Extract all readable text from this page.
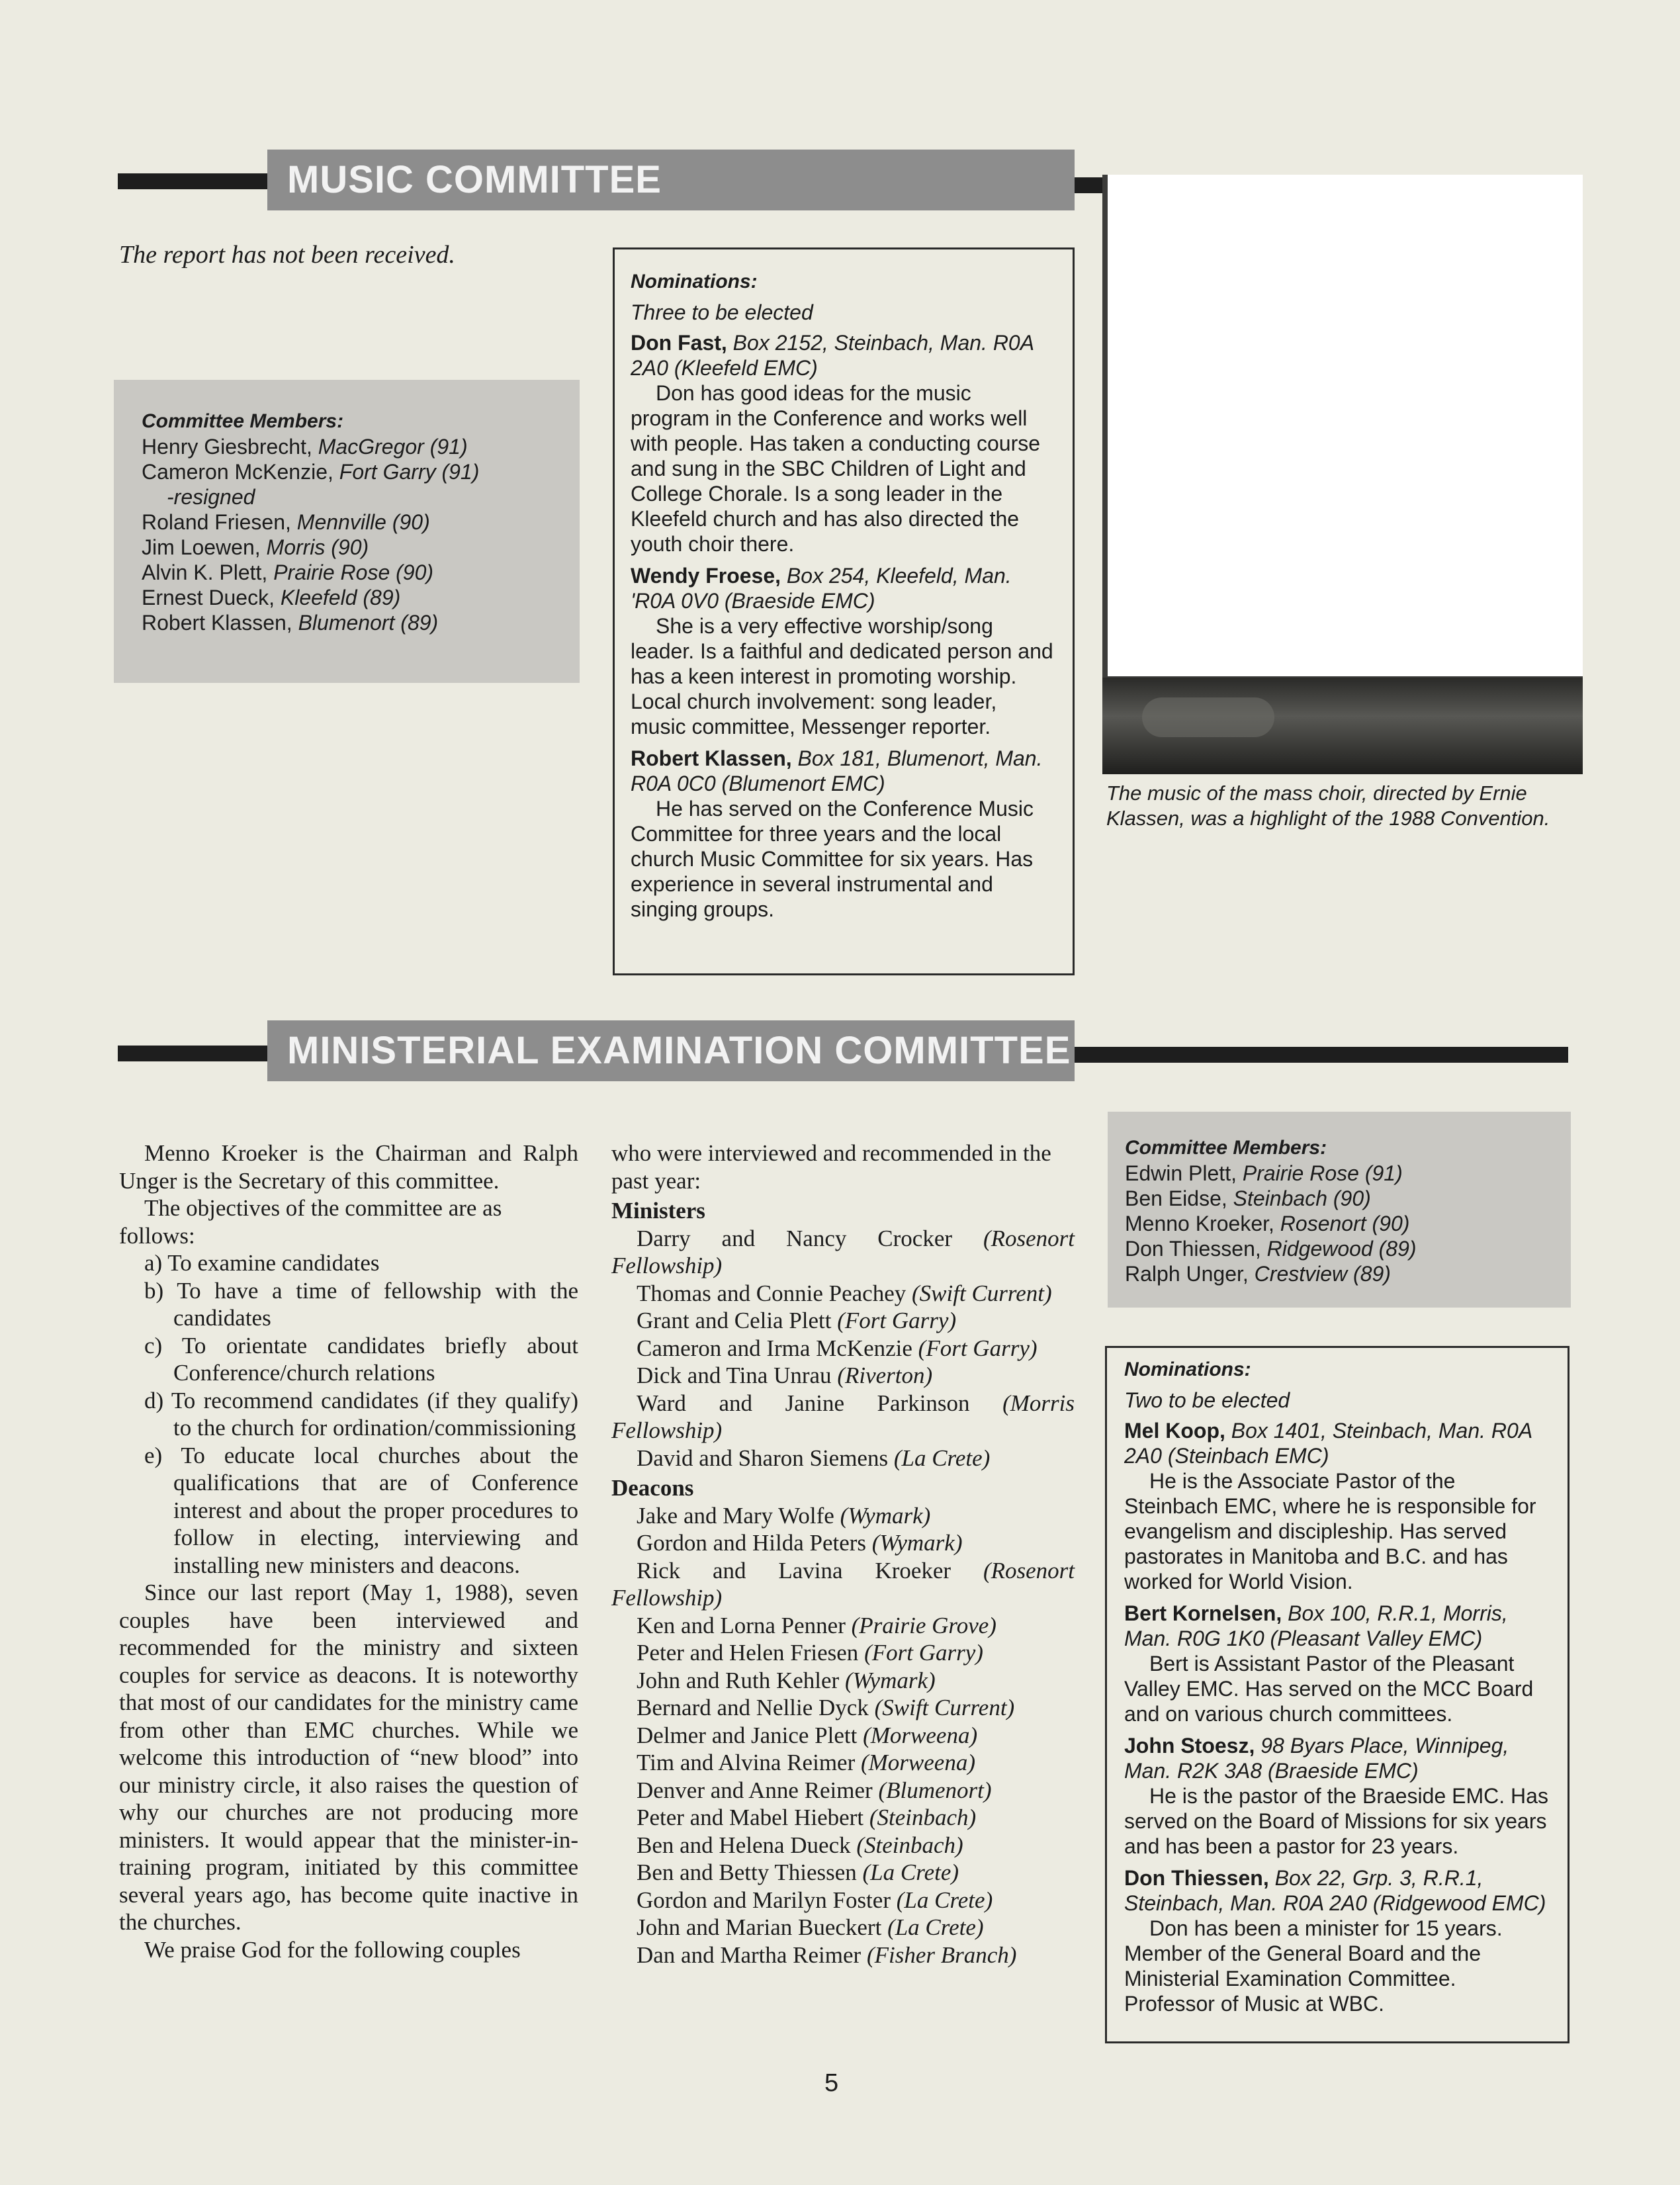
MUSIC COMMITTEE
The report has not been received.
Committee Members:
Henry Giesbrecht, MacGregor (91)
Cameron McKenzie, Fort Garry (91)
-resigned
Roland Friesen, Mennville (90)
Jim Loewen, Morris (90)
Alvin K. Plett, Prairie Rose (90)
Ernest Dueck, Kleefeld (89)
Robert Klassen, Blumenort (89)
Nominations:
Three to be elected

Don Fast, Box 2152, Steinbach, Man. R0A 2A0 (Kleefeld EMC)

Don has good ideas for the music program in the Conference and works well with people. Has taken a conducting course and sung in the SBC Children of Light and College Chorale. Is a song leader in the Kleefeld church and has also directed the youth choir there.

Wendy Froese, Box 254, Kleefeld, Man. 'R0A 0V0 (Braeside EMC)

She is a very effective worship/song leader. Is a faithful and dedicated person and has a keen interest in promoting worship. Local church involvement: song leader, music committee, Messenger reporter.

Robert Klassen, Box 181, Blumenort, Man. R0A 0C0 (Blumenort EMC)

He has served on the Conference Music Committee for three years and the local church Music Committee for six years. Has experience in several instrumental and singing groups.

The music of the mass choir, directed by Ernie Klassen, was a highlight of the 1988 Convention.
MINISTERIAL EXAMINATION COMMITTEE

Menno Kroeker is the Chairman and Ralph Unger is the Secretary of this committee.

The objectives of the committee are as follows:

a) To examine candidates

b) To have a time of fellowship with the candidates

c) To orientate candidates briefly about Conference/church relations

d) To recommend candidates (if they qualify) to the church for ordination/commissioning

e) To educate local churches about the qualifications that are of Conference interest and about the proper procedures to follow in electing, interviewing and installing new ministers and deacons.

Since our last report (May 1, 1988), seven couples have been interviewed and recommended for the ministry and sixteen couples for service as deacons. It is noteworthy that most of our candidates for the ministry came from other than EMC churches. While we welcome this introduction of “new blood” into our ministry circle, it also raises the question of why our churches are not producing more ministers. It would appear that the minister-in-training program, initiated by this committee several years ago, has become quite inactive in the churches.

We praise God for the following couples

who were interviewed and recommended in the past year:

Ministers

Darry and Nancy Crocker (Rosenort Fellowship)

Thomas and Connie Peachey (Swift Current)

Grant and Celia Plett (Fort Garry)

Cameron and Irma McKenzie (Fort Garry)

Dick and Tina Unrau (Riverton)

Ward and Janine Parkinson (Morris Fellowship)

David and Sharon Siemens (La Crete)

Deacons

Jake and Mary Wolfe (Wymark)

Gordon and Hilda Peters (Wymark)

Rick and Lavina Kroeker (Rosenort Fellowship)

Ken and Lorna Penner (Prairie Grove)

Peter and Helen Friesen (Fort Garry)

John and Ruth Kehler (Wymark)

Bernard and Nellie Dyck (Swift Current)

Delmer and Janice Plett (Morweena)

Tim and Alvina Reimer (Morweena)

Denver and Anne Reimer (Blumenort)

Peter and Mabel Hiebert (Steinbach)

Ben and Helena Dueck (Steinbach)

Ben and Betty Thiessen (La Crete)

Gordon and Marilyn Foster (La Crete)

John and Marian Bueckert (La Crete)

Dan and Martha Reimer (Fisher Branch)

Committee Members:
Edwin Plett, Prairie Rose (91)
Ben Eidse, Steinbach (90)
Menno Kroeker, Rosenort (90)
Don Thiessen, Ridgewood (89)
Ralph Unger, Crestview (89)
Nominations:
Two to be elected

Mel Koop, Box 1401, Steinbach, Man. R0A 2A0 (Steinbach EMC)

He is the Associate Pastor of the Steinbach EMC, where he is responsible for evangelism and discipleship. Has served pastorates in Manitoba and B.C. and has worked for World Vision.

Bert Kornelsen, Box 100, R.R.1, Morris, Man. R0G 1K0 (Pleasant Valley EMC)

Bert is Assistant Pastor of the Pleasant Valley EMC. Has served on the MCC Board and on various church committees.

John Stoesz, 98 Byars Place, Winnipeg, Man. R2K 3A8 (Braeside EMC)

He is the pastor of the Braeside EMC. Has served on the Board of Missions for six years and has been a pastor for 23 years.

Don Thiessen, Box 22, Grp. 3, R.R.1, Steinbach, Man. R0A 2A0 (Ridgewood EMC)

Don has been a minister for 15 years. Member of the General Board and the Ministerial Examination Committee. Professor of Music at WBC.

5
